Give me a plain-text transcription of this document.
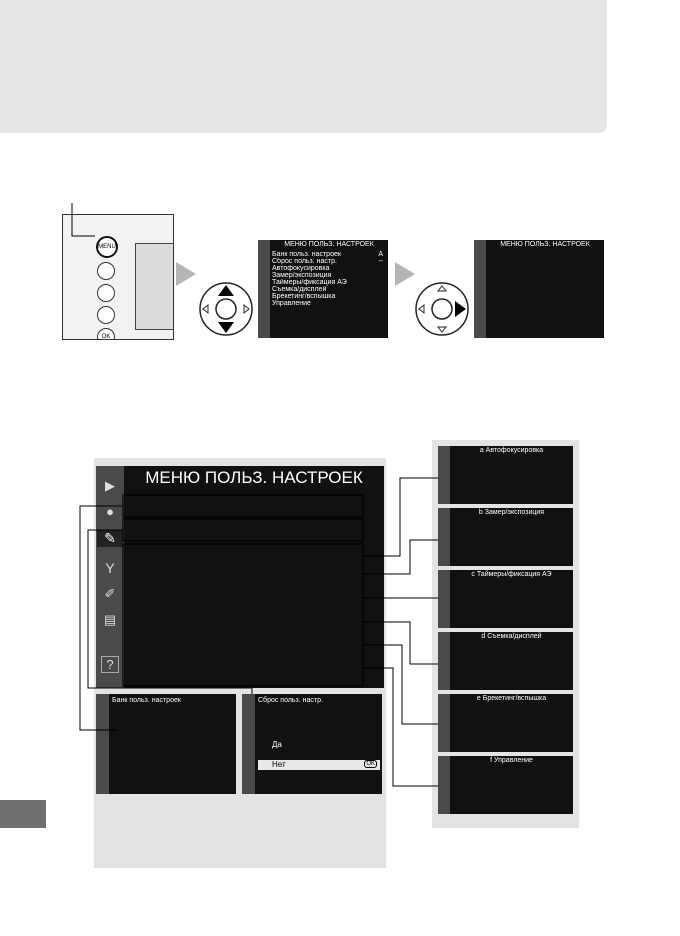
MENU
OK
МЕНЮ ПОЛЬЗ. НАСТРОЕК
Банк польз. настроек	A
Сброс польз. настр.	--
Автофокусировка
Замер/экспозиция
Таймеры/фиксация АЭ
Съемка/дисплей
Брекетинг/вспышка
Управление
МЕНЮ ПОЛЬЗ. НАСТРОЕК
▶
●
✎
Y
✐
▤
?
МЕНЮ ПОЛЬЗ. НАСТРОЕК
Банк польз. настроек	Сброс польз. настр.
Да
Нет	OK
a Автофокусировка
b Замер/экспозиция
c Таймеры/фиксация АЭ
d Съемка/дисплей
e Брекетинг/вспышка
f Управление
